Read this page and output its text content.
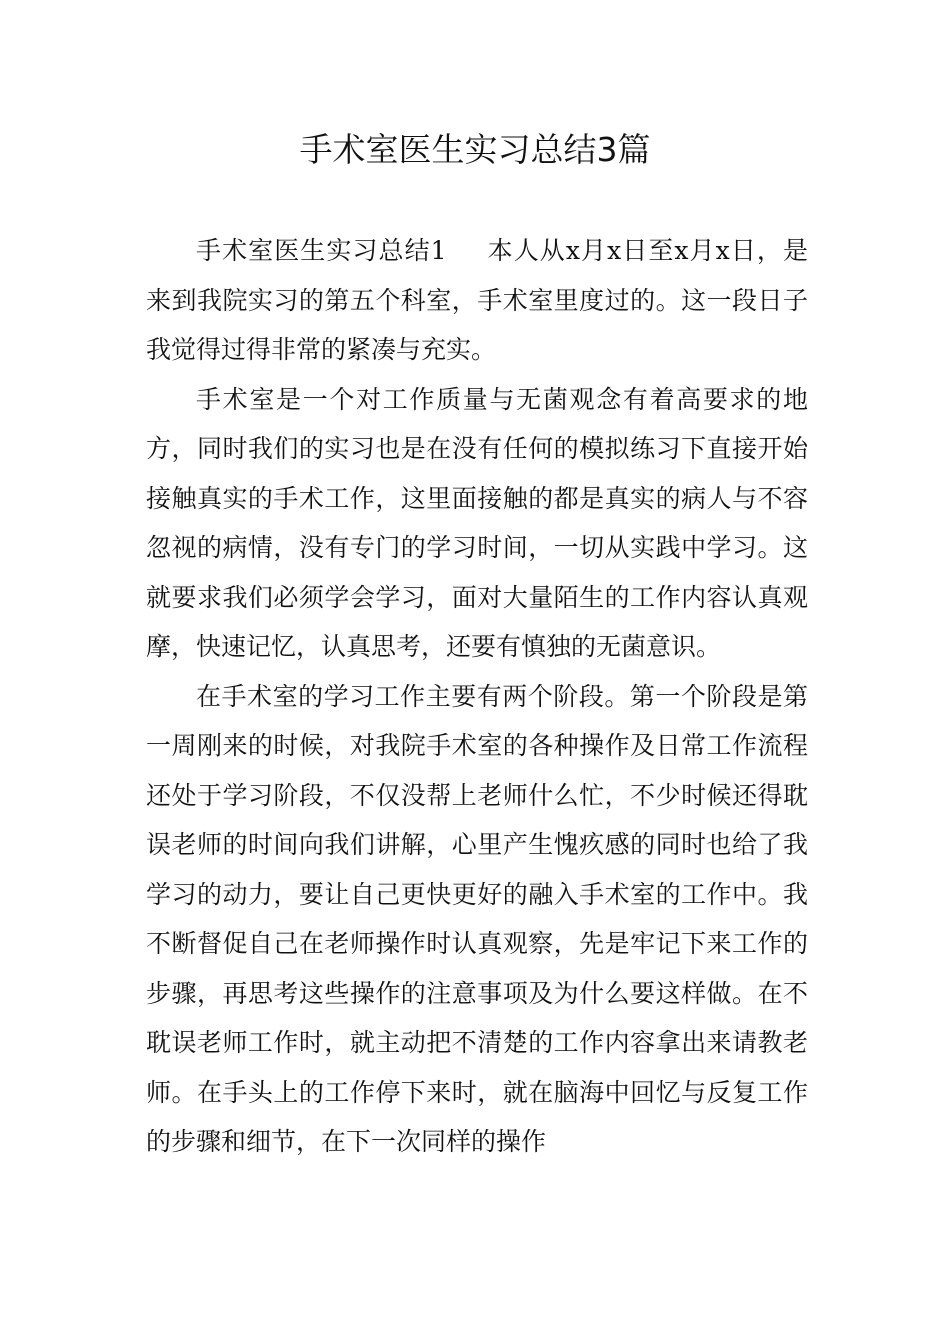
手术室医生实习总结3篇

手术室医生实习总结1 本人从x月x日至x月x日，是来到我院实习的第五个科室，手术室里度过的。这一段日子我觉得过得非常的紧凑与充实。

手术室是一个对工作质量与无菌观念有着高要求的地方，同时我们的实习也是在没有任何的模拟练习下直接开始接触真实的手术工作，这里面接触的都是真实的病人与不容忽视的病情，没有专门的学习时间，一切从实践中学习。这就要求我们必须学会学习，面对大量陌生的工作内容认真观摩，快速记忆，认真思考，还要有慎独的无菌意识。

在手术室的学习工作主要有两个阶段。第一个阶段是第一周刚来的时候，对我院手术室的各种操作及日常工作流程还处于学习阶段，不仅没帮上老师什么忙，不少时候还得耽误老师的时间向我们讲解，心里产生愧疚感的同时也给了我学习的动力，要让自己更快更好的融入手术室的工作中。我不断督促自己在老师操作时认真观察，先是牢记下来工作的步骤，再思考这些操作的注意事项及为什么要这样做。在不耽误老师工作时，就主动把不清楚的工作内容拿出来请教老师。在手头上的工作停下来时，就在脑海中回忆与反复工作的步骤和细节，在下一次同样的操作
